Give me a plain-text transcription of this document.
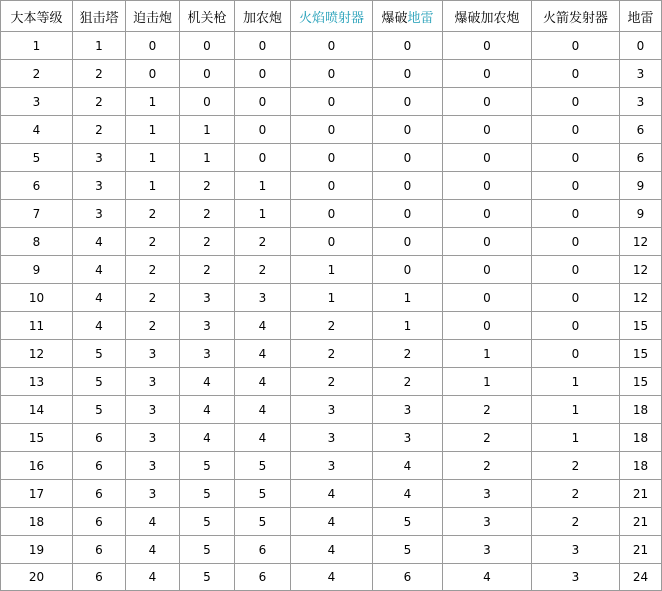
大本等级	狙击塔	迫击炮	机关枪	加农炮	火焰喷射器	爆破地雷	爆破加农炮	火箭发射器	地雷
1	1	0	0	0	0	0	0	0	0
2	2	0	0	0	0	0	0	0	3
3	2	1	0	0	0	0	0	0	3
4	2	1	1	0	0	0	0	0	6
5	3	1	1	0	0	0	0	0	6
6	3	1	2	1	0	0	0	0	9
7	3	2	2	1	0	0	0	0	9
8	4	2	2	2	0	0	0	0	12
9	4	2	2	2	1	0	0	0	12
10	4	2	3	3	1	1	0	0	12
11	4	2	3	4	2	1	0	0	15
12	5	3	3	4	2	2	1	0	15
13	5	3	4	4	2	2	1	1	15
14	5	3	4	4	3	3	2	1	18
15	6	3	4	4	3	3	2	1	18
16	6	3	5	5	3	4	2	2	18
17	6	3	5	5	4	4	3	2	21
18	6	4	5	5	4	5	3	2	21
19	6	4	5	6	4	5	3	3	21
20	6	4	5	6	4	6	4	3	24
